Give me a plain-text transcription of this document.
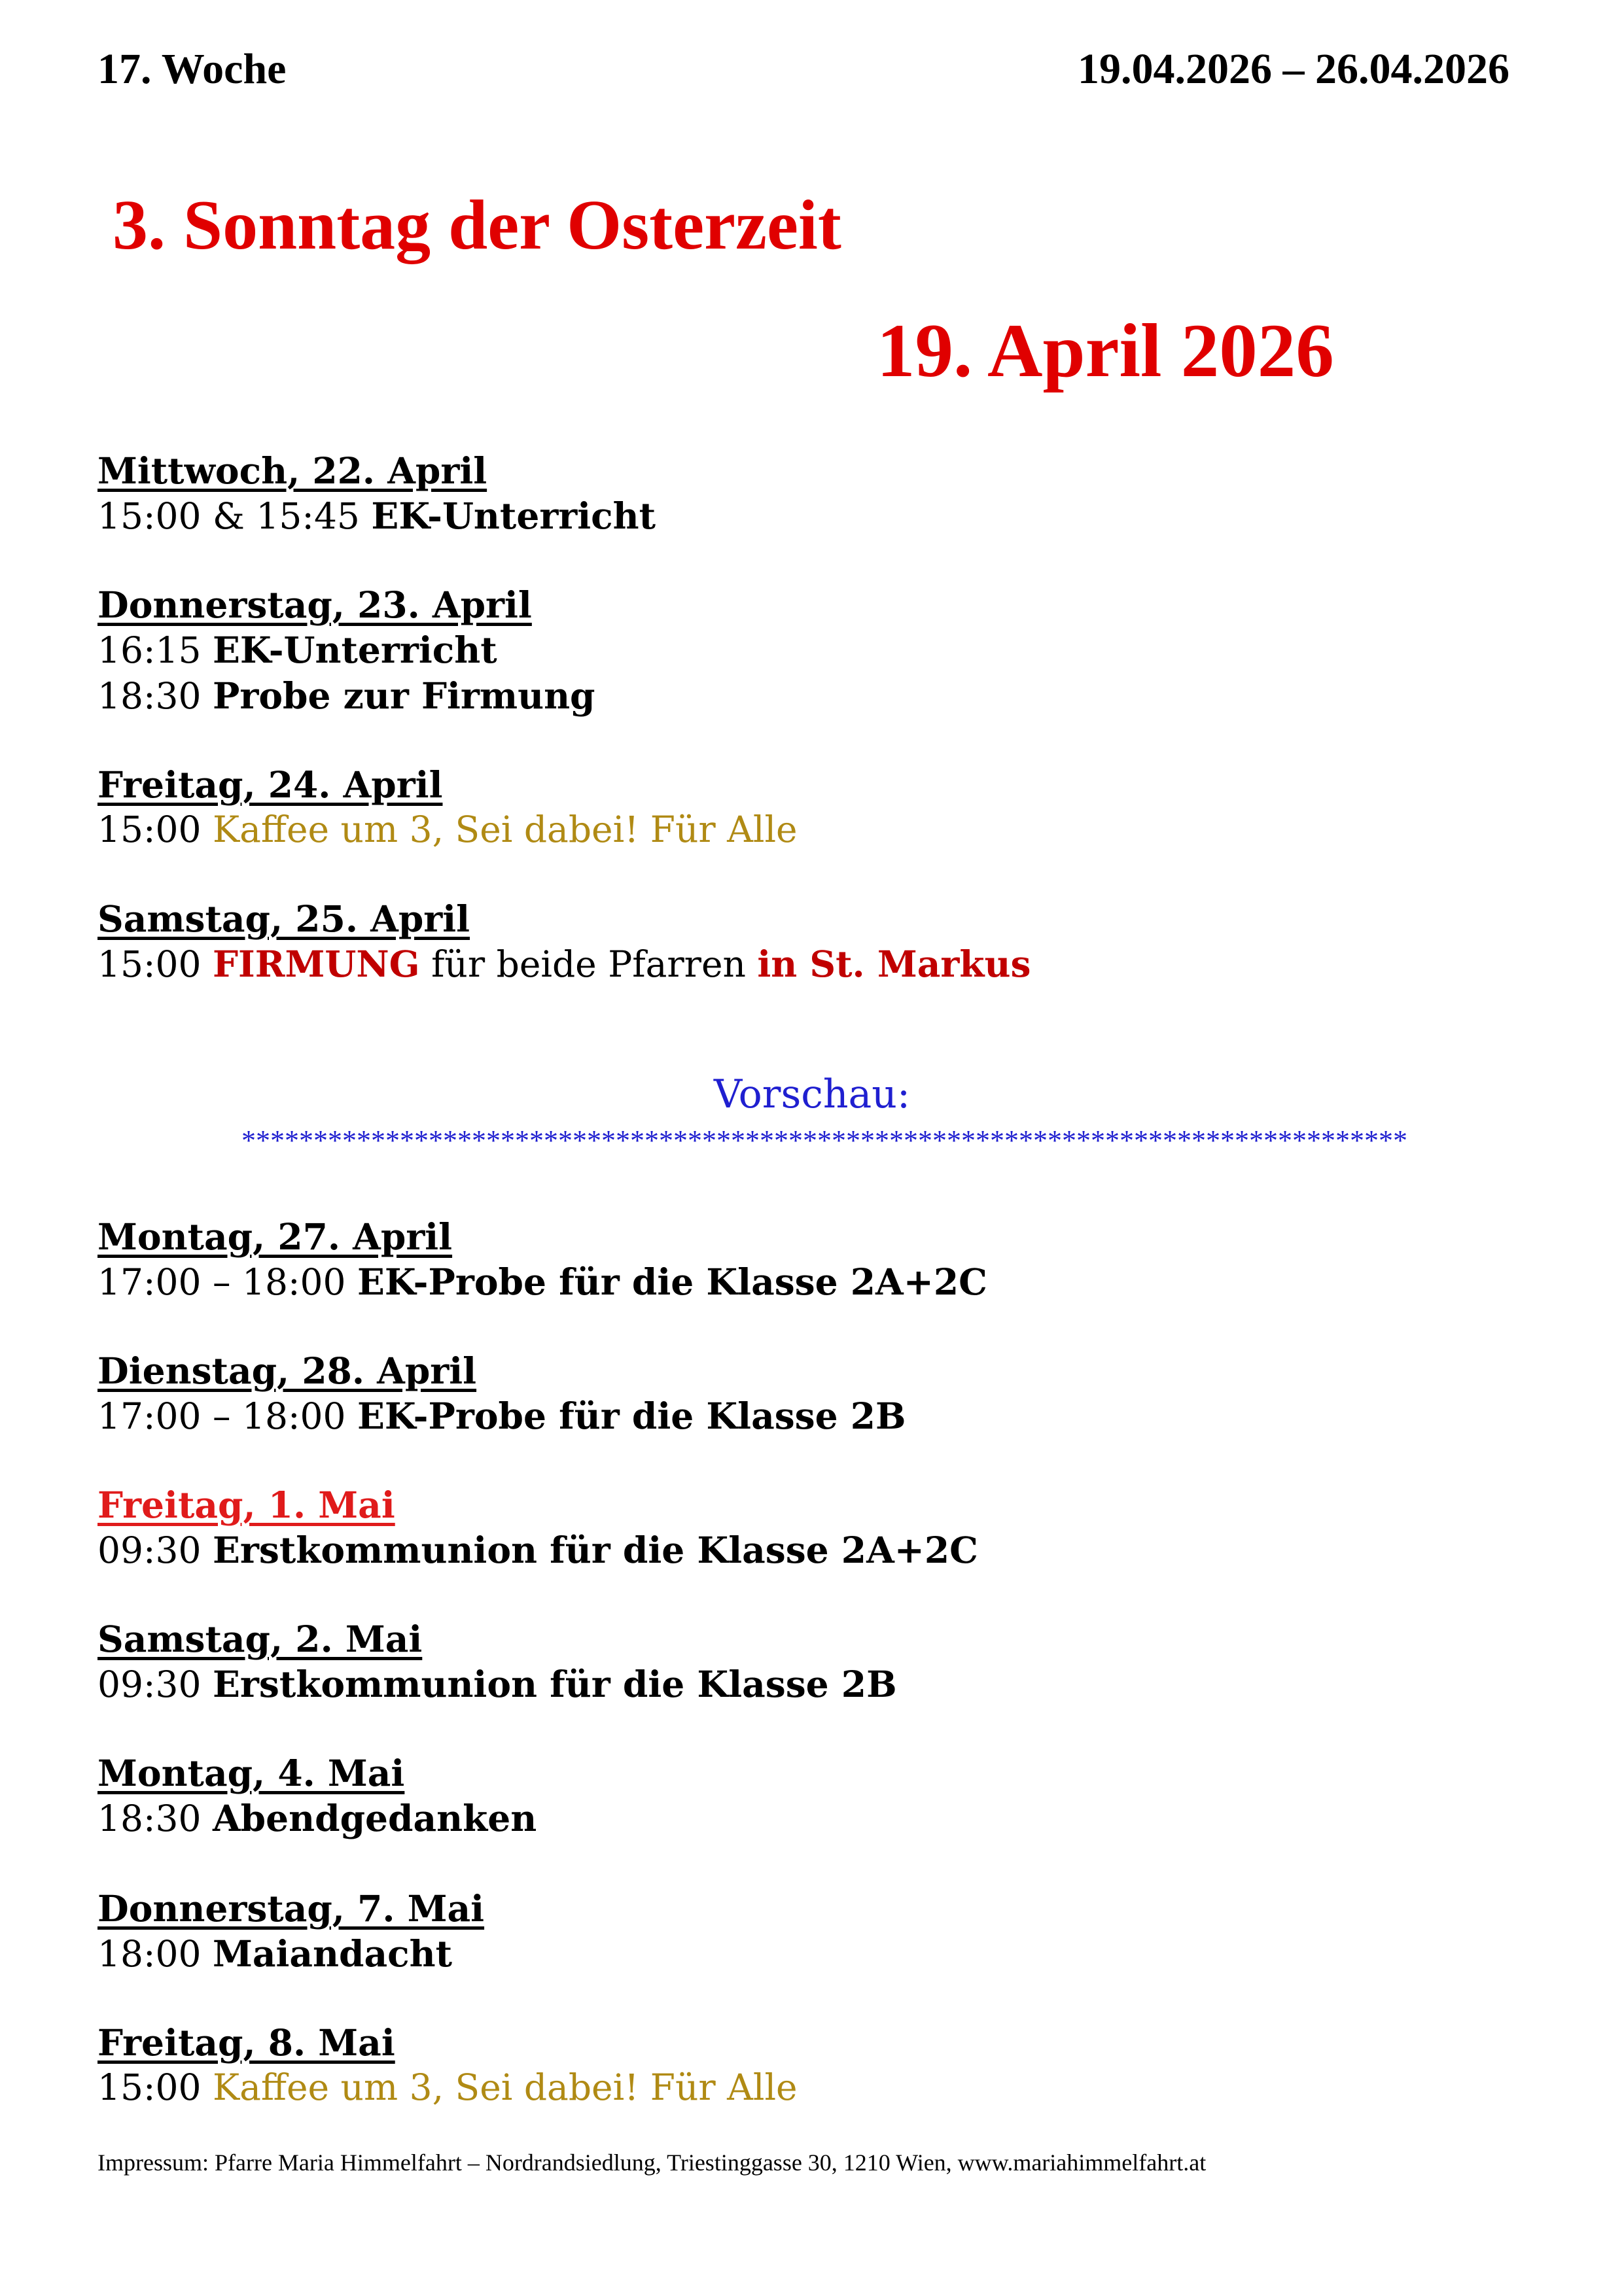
17. Woche	19.04.2026 – 26.04.2026
3. Sonntag der Osterzeit
19. April 2026
Mittwoch, 22. April
15:00 & 15:45 EK-Unterricht
Donnerstag, 23. April
16:15 EK-Unterricht
18:30 Probe zur Firmung
Freitag, 24. April
15:00 Kaffee um 3, Sei dabei! Für Alle
Samstag, 25. April
15:00 FIRMUNG für beide Pfarren in St. Markus
Vorschau:
*********************************************************************************
Montag, 27. April
17:00 – 18:00 EK-Probe für die Klasse 2A+2C
Dienstag, 28. April
17:00 – 18:00 EK-Probe für die Klasse 2B
Freitag, 1. Mai
09:30 Erstkommunion für die Klasse 2A+2C
Samstag, 2. Mai
09:30 Erstkommunion für die Klasse 2B
Montag, 4. Mai
18:30 Abendgedanken
Donnerstag, 7. Mai
18:00 Maiandacht
Freitag, 8. Mai
15:00 Kaffee um 3, Sei dabei! Für Alle
Impressum: Pfarre Maria Himmelfahrt – Nordrandsiedlung, Triestinggasse 30, 1210 Wien, www.mariahimmelfahrt.at
